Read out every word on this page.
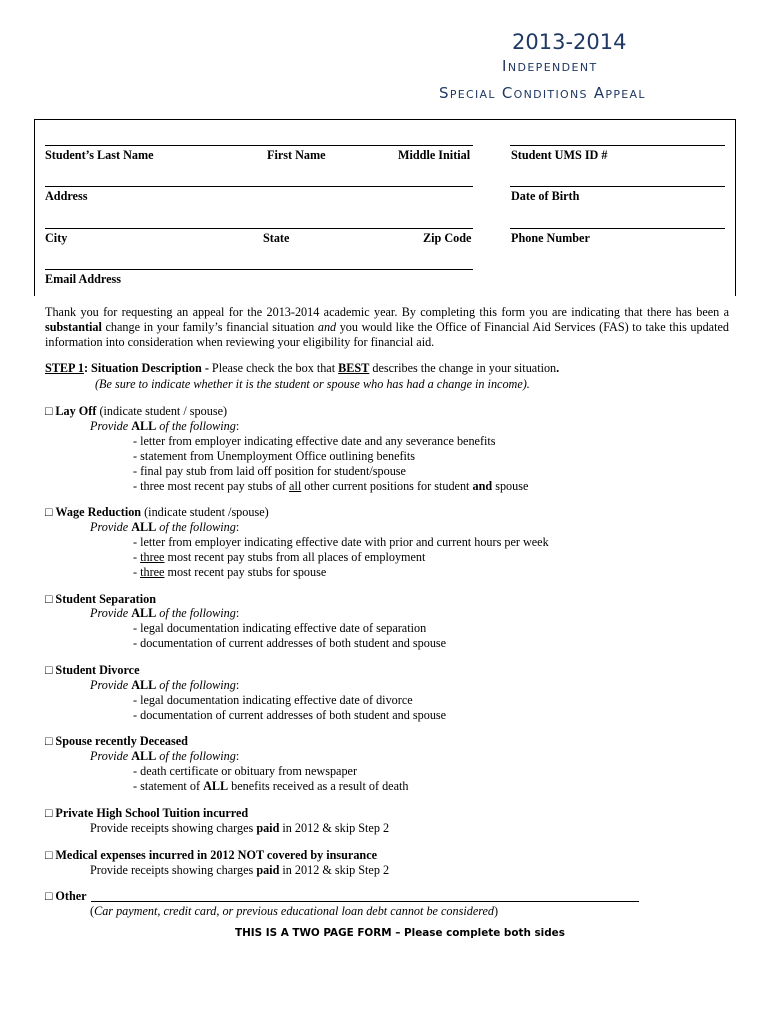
2013-2014
Independent
Special Conditions Appeal
Student’s Last Name	First Name	Middle Initial	Student UMS ID #
Address	Date of Birth
City	State	Zip Code	Phone Number
Email Address
Thank you for requesting an appeal for the 2013-2014 academic year. By completing this form you are indicating that there has been a substantial change in your family’s financial situation and you would like the Office of Financial Aid Services (FAS) to take this updated information into consideration when reviewing your eligibility for financial aid.
STEP 1: Situation Description - Please check the box that BEST describes the change in your situation.
(Be sure to indicate whether it is the student or spouse who has had a change in income).
□ Lay Off (indicate student / spouse)
Provide ALL of the following:
- letter from employer indicating effective date and any severance benefits
- statement from Unemployment Office outlining benefits
- final pay stub from laid off position for student/spouse
- three most recent pay stubs of all other current positions for student and spouse
□ Wage Reduction (indicate student /spouse)
Provide ALL of the following:
- letter from employer indicating effective date with prior and current hours per week
- three most recent pay stubs from all places of employment
- three most recent pay stubs for spouse
□ Student Separation
Provide ALL of the following:
- legal documentation indicating effective date of separation
- documentation of current addresses of both student and spouse
□ Student Divorce
Provide ALL of the following:
- legal documentation indicating effective date of divorce
- documentation of current addresses of both student and spouse
□ Spouse recently Deceased
Provide ALL of the following:
- death certificate or obituary from newspaper
- statement of ALL benefits received as a result of death
□ Private High School Tuition incurred
Provide receipts showing charges paid in 2012 & skip Step 2
□ Medical expenses incurred in 2012 NOT covered by insurance
Provide receipts showing charges paid in 2012 & skip Step 2
□ Other
(Car payment, credit card, or previous educational loan debt cannot be considered)
THIS IS A TWO PAGE FORM – Please complete both sides
